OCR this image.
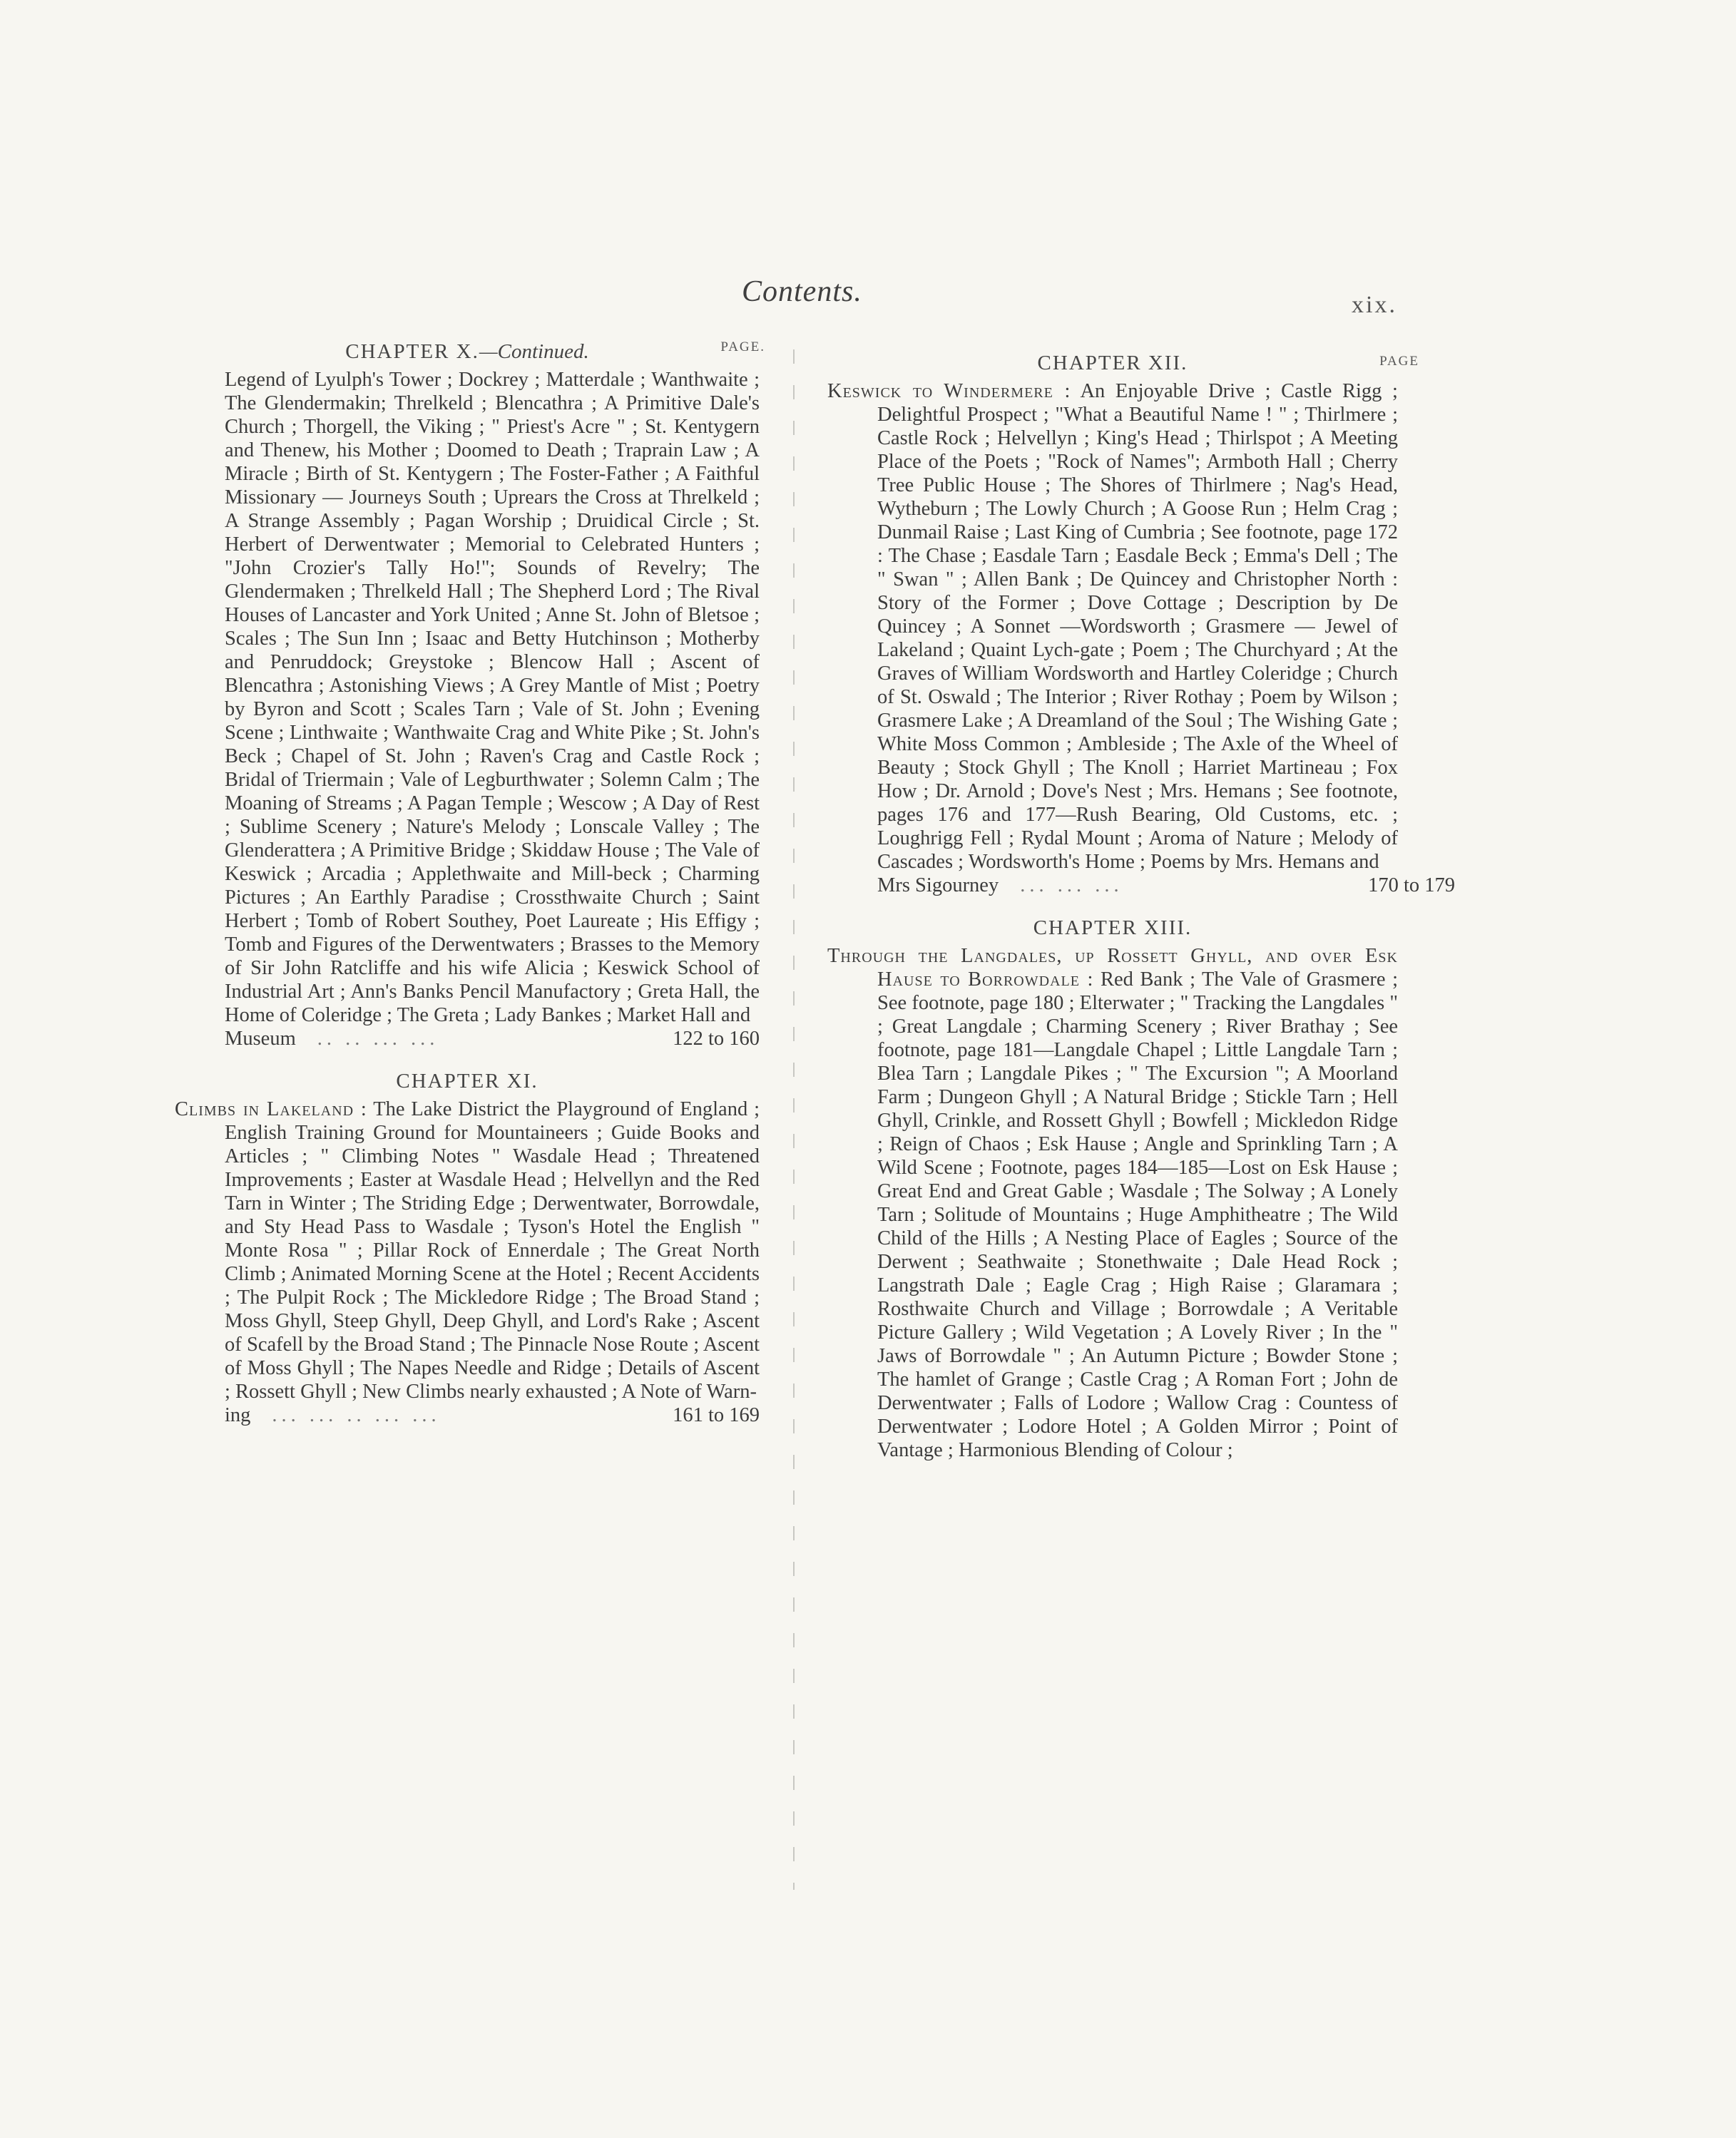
Contents.	xix.
CHAPTER X.—Continued.	PAGE.
Legend of Lyulph's Tower ; Dockrey ; Matterdale ; Wanthwaite ; The Glendermakin; Threlkeld ; Blencathra ; A Primitive Dale's Church ; Thorgell, the Viking ; " Priest's Acre " ; St. Kentygern and Thenew, his Mother ; Doomed to Death ; Traprain Law ; A Miracle ; Birth of St. Kentygern ; The Foster-Father ; A Faithful Missionary — Journeys South ; Uprears the Cross at Threlkeld ; A Strange Assembly ; Pagan Worship ; Druidical Circle ; St. Herbert of Derwentwater ; Memorial to Celebrated Hunters ; "John Crozier's Tally Ho!"; Sounds of Revelry; The Glendermaken ; Threlkeld Hall ; The Shepherd Lord ; The Rival Houses of Lancaster and York United ; Anne St. John of Bletsoe ; Scales ; The Sun Inn ; Isaac and Betty Hutchinson ; Motherby and Penruddock; Greystoke ; Blencow Hall ; Ascent of Blencathra ; Astonishing Views ; A Grey Mantle of Mist ; Poetry by Byron and Scott ; Scales Tarn ; Vale of St. John ; Evening Scene ; Linthwaite ; Wanthwaite Crag and White Pike ; St. John's Beck ; Chapel of St. John ; Raven's Crag and Castle Rock ; Bridal of Triermain ; Vale of Legburthwater ; Solemn Calm ; The Moaning of Streams ; A Pagan Temple ; Wescow ; A Day of Rest ; Sublime Scenery ; Nature's Melody ; Lonscale Valley ; The Glenderattera ; A Primitive Bridge ; Skiddaw House ; The Vale of Keswick ; Arcadia ; Applethwaite and Mill-beck ; Charming Pictures ; An Earthly Paradise ; Crossthwaite Church ; Saint Herbert ; Tomb of Robert Southey, Poet Laureate ; His Effigy ; Tomb and Figures of the Derwentwaters ; Brasses to the Memory of Sir John Ratcliffe and his wife Alicia ; Keswick School of Industrial Art ; Ann's Banks Pencil Manufactory ; Greta Hall, the Home of Coleridge ; The Greta ; Lady Bankes ; Market Hall and
Museum	.. .. ... ...	122 to 160
CHAPTER XI.
Climbs in Lakeland : The Lake District the Playground of England ; English Training Ground for Mountaineers ; Guide Books and Articles ; " Climbing Notes " Wasdale Head ; Threatened Improvements ; Easter at Wasdale Head ; Helvellyn and the Red Tarn in Winter ; The Striding Edge ; Derwentwater, Borrowdale, and Sty Head Pass to Wasdale ; Tyson's Hotel the English " Monte Rosa " ; Pillar Rock of Ennerdale ; The Great North Climb ; Animated Morning Scene at the Hotel ; Recent Accidents ; The Pulpit Rock ; The Mickledore Ridge ; The Broad Stand ; Moss Ghyll, Steep Ghyll, Deep Ghyll, and Lord's Rake ; Ascent of Scafell by the Broad Stand ; The Pinnacle Nose Route ; Ascent of Moss Ghyll ; The Napes Needle and Ridge ; Details of Ascent ; Rossett Ghyll ; New Climbs nearly exhausted ; A Note of Warn-
ing	... ... .. ... ...	161 to 169
CHAPTER XII.	PAGE
Keswick to Windermere : An Enjoyable Drive ; Castle Rigg ; Delightful Prospect ; "What a Beautiful Name ! " ; Thirlmere ; Castle Rock ; Helvellyn ; King's Head ; Thirlspot ; A Meeting Place of the Poets ; "Rock of Names"; Armboth Hall ; Cherry Tree Public House ; The Shores of Thirlmere ; Nag's Head, Wytheburn ; The Lowly Church ; A Goose Run ; Helm Crag ; Dunmail Raise ; Last King of Cumbria ; See footnote, page 172 : The Chase ; Easdale Tarn ; Easdale Beck ; Emma's Dell ; The " Swan " ; Allen Bank ; De Quincey and Christopher North : Story of the Former ; Dove Cottage ; Description by De Quincey ; A Sonnet —Wordsworth ; Grasmere — Jewel of Lakeland ; Quaint Lych-gate ; Poem ; The Churchyard ; At the Graves of William Wordsworth and Hartley Coleridge ; Church of St. Oswald ; The Interior ; River Rothay ; Poem by Wilson ; Grasmere Lake ; A Dreamland of the Soul ; The Wishing Gate ; White Moss Common ; Ambleside ; The Axle of the Wheel of Beauty ; Stock Ghyll ; The Knoll ; Harriet Martineau ; Fox How ; Dr. Arnold ; Dove's Nest ; Mrs. Hemans ; See footnote, pages 176 and 177—Rush Bearing, Old Customs, etc. ; Loughrigg Fell ; Rydal Mount ; Aroma of Nature ; Melody of Cascades ; Wordsworth's Home ; Poems by Mrs. Hemans and
Mrs Sigourney	... ... ...	170 to 179
CHAPTER XIII.
Through the Langdales, up Rossett Ghyll, and over Esk Hause to Borrowdale : Red Bank ; The Vale of Grasmere ; See footnote, page 180 ; Elterwater ; " Tracking the Langdales " ; Great Langdale ; Charming Scenery ; River Brathay ; See footnote, page 181—Langdale Chapel ; Little Langdale Tarn ; Blea Tarn ; Langdale Pikes ; " The Excursion "; A Moorland Farm ; Dungeon Ghyll ; A Natural Bridge ; Stickle Tarn ; Hell Ghyll, Crinkle, and Rossett Ghyll ; Bowfell ; Mickledon Ridge ; Reign of Chaos ; Esk Hause ; Angle and Sprinkling Tarn ; A Wild Scene ; Footnote, pages 184—185—Lost on Esk Hause ; Great End and Great Gable ; Wasdale ; The Solway ; A Lonely Tarn ; Solitude of Mountains ; Huge Amphitheatre ; The Wild Child of the Hills ; A Nesting Place of Eagles ; Source of the Derwent ; Seathwaite ; Stonethwaite ; Dale Head Rock ; Langstrath Dale ; Eagle Crag ; High Raise ; Glaramara ; Rosthwaite Church and Village ; Borrowdale ; A Veritable Picture Gallery ; Wild Vegetation ; A Lovely River ; In the " Jaws of Borrowdale " ; An Autumn Picture ; Bowder Stone ; The hamlet of Grange ; Castle Crag ; A Roman Fort ; John de Derwentwater ; Falls of Lodore ; Wallow Crag : Countess of Derwentwater ; Lodore Hotel ; A Golden Mirror ; Point of Vantage ; Harmonious Blending of Colour ;
